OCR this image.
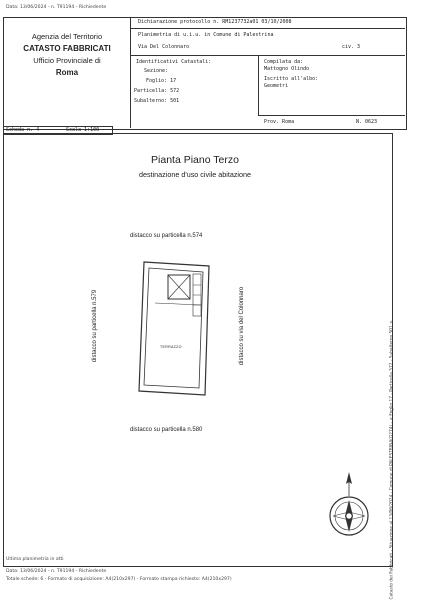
Data: 13/06/2024 - n. T91194 - Richiedente
Agenzia del Territorio
CATASTO FABBRICATI
Ufficio Provinciale di
Roma
Dichiarazione protocollo n. RM1237732a01 03/10/2008
Planimetria di u.i.u. in Comune di Palestrina
Via Del Colonnaro	civ. 3
Identificativi Catastali:
Sezione:
Foglio: 17
Particella: 572
Subalterno: 501
Compilata da:
Mattogno Olindo
Iscritto all'albo:
Geometri
Prov. Roma	N. 0623
Scheda n. 4	Scala 1:100
Pianta Piano Terzo
destinazione d'uso civile abitazione
distacco su particella n.574
distacco su particella n.580
distacco su particella n.579	distacco su via del Colonnaro
TERRAZZO
Ultima planimetria in atti
Data: 13/06/2024 - n. T91194 - Richiedente
Totale schede: 6 - Formato di acquisizione: A4(210x297) - Formato stampa richiesto: A4(210x297)	Catasto dei Fabbricati - Situazione al 13/06/2024 - Comune di PALESTRINA(G274) - < Foglio 17 - Particella 572 - Subalterno 501 >
